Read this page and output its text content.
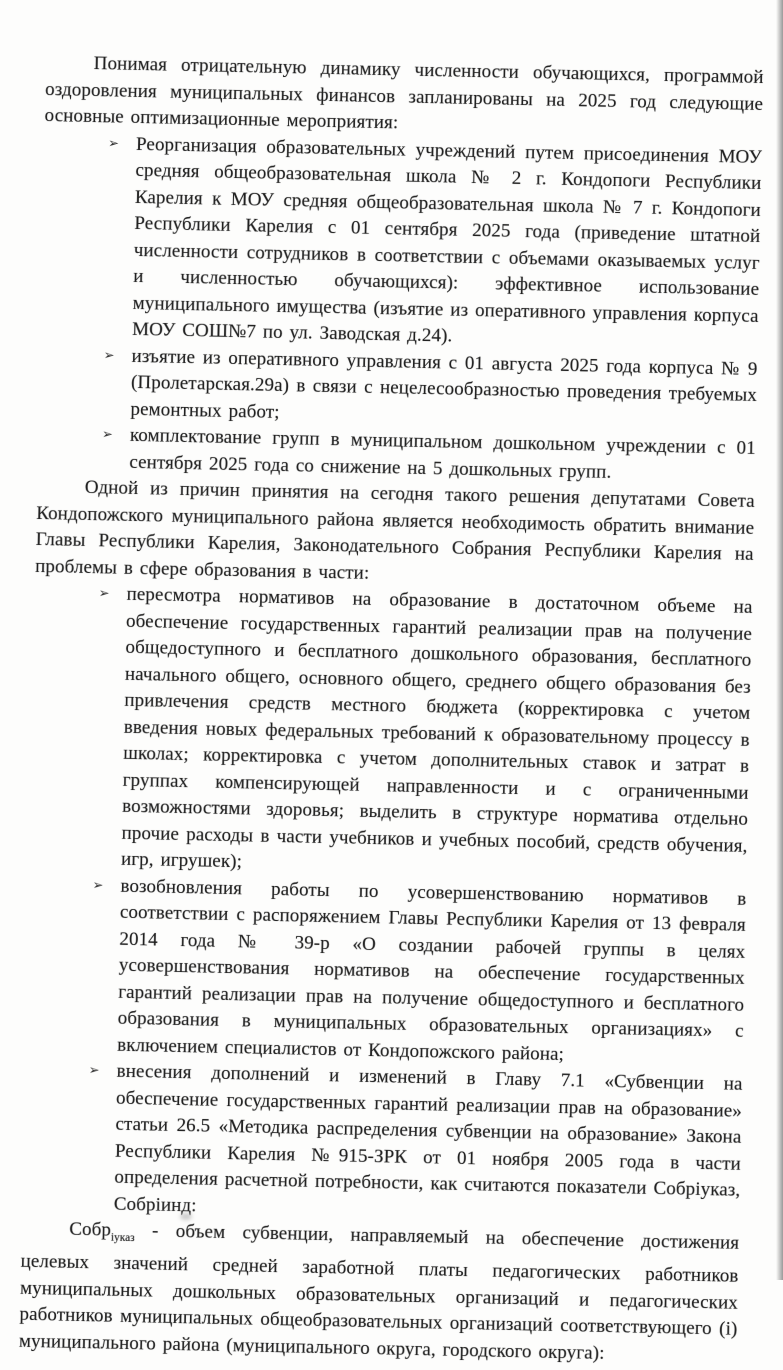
Понимая отрицательную динамику численности обучающихся, программой оздоровления муниципальных финансов запланированы на 2025 год следующие основные оптимизационные мероприятия:

➢ Реорганизация образовательных учреждений путем присоединения МОУ средняя общеобразовательная школа № 2 г. Кондопоги Республики Карелия к МОУ средняя общеобразовательная школа № 7 г. Кондопоги Республики Карелия с 01 сентября 2025 года (приведение штатной численности сотрудников в соответствии с объемами оказываемых услуг и численностью обучающихся): эффективное использование муниципального имущества (изъятие из оперативного управления корпуса МОУ СОШ№7 по ул. Заводская д.24).
➢ изъятие из оперативного управления с 01 августа 2025 года корпуса № 9 (Пролетарская.29а) в связи с нецелесообразностью проведения требуемых ремонтных работ;
➢ комплектование групп в муниципальном дошкольном учреждении с 01 сентября 2025 года со снижение на 5 дошкольных групп.

Одной из причин принятия на сегодня такого решения депутатами Совета Кондопожского муниципального района является необходимость обратить внимание Главы Республики Карелия, Законодательного Собрания Республики Карелия на проблемы в сфере образования в части:

➢ пересмотра нормативов на образование в достаточном объеме на обеспечение государственных гарантий реализации прав на получение общедоступного и бесплатного дошкольного образования, бесплатного начального общего, основного общего, среднего общего образования без привлечения средств местного бюджета (корректировка с учетом введения новых федеральных требований к образовательному процессу в школах; корректировка с учетом дополнительных ставок и затрат в группах компенсирующей направленности и с ограниченными возможностями здоровья; выделить в структуре норматива отдельно прочие расходы в части учебников и учебных пособий, средств обучения, игр, игрушек);
➢ возобновления работы по усовершенствованию нормативов в соответствии с распоряжением Главы Республики Карелия от 13 февраля 2014 года № 39-р «О создании рабочей группы в целях усовершенствования нормативов на обеспечение государственных гарантий реализации прав на получение общедоступного и бесплатного образования в муниципальных образовательных организациях» с включением специалистов от Кондопожского района;
➢ внесения дополнений и изменений в Главу 7.1 «Субвенции на обеспечение государственных гарантий реализации прав на образование» статьи 26.5 «Методика распределения субвенции на образование» Закона Республики Карелия №915-ЗРК от 01 ноября 2005 года в части определения расчетной потребности, как считаются показатели Собрiуказ, Собрiинд:

Собр$_{iуказ}$ - объем субвенции, направляемый на обеспечение достижения целевых значений средней заработной платы педагогических работников муниципальных дошкольных образовательных организаций и педагогических работников муниципальных общеобразовательных организаций соответствующего (i) муниципального района (муниципального округа, городского округа):
